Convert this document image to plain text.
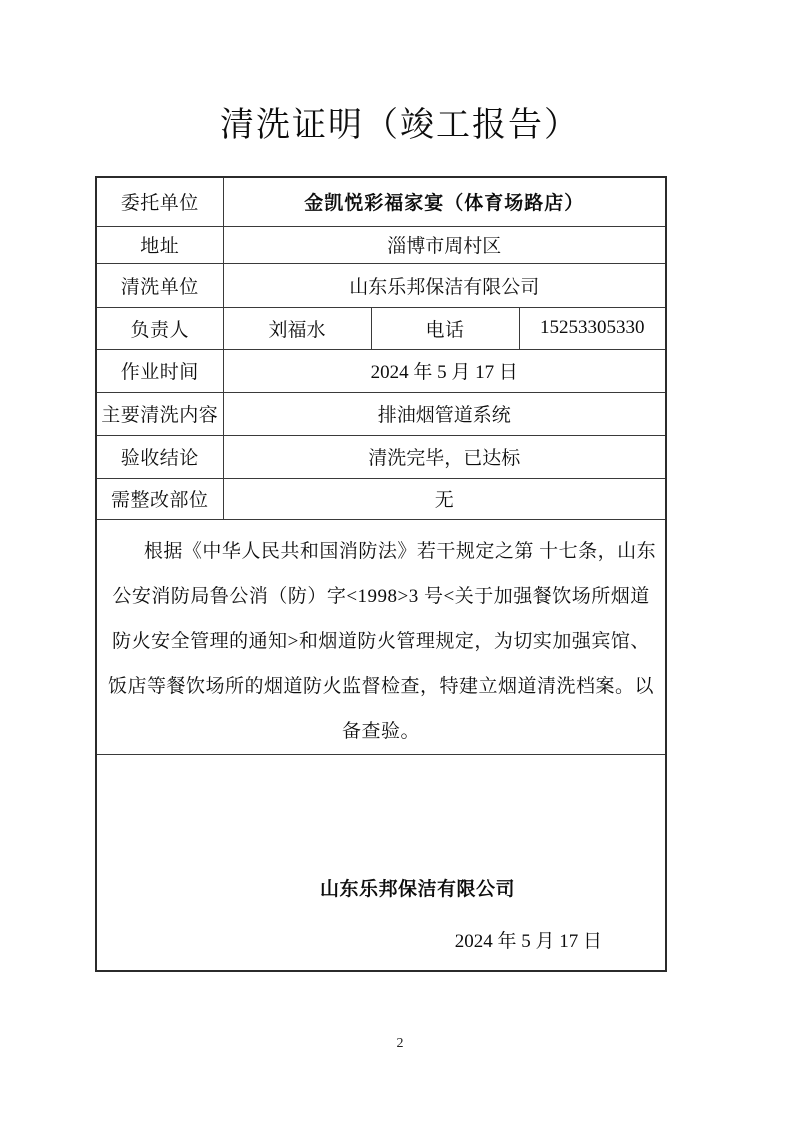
清洗证明（竣工报告）
委托单位	金凯悦彩福家宴（体育场路店）		
地址	淄博市周村区		
清洗单位	山东乐邦保洁有限公司		
负责人	刘福水	电话	15253305330
作业时间	2024 年 5 月 17 日		
主要清洗内容	排油烟管道系统		
验收结论	清洗完毕，已达标		
需整改部位	无		
根据《中华人民共和国消防法》若干规定之第 十七条，山东公安消防局鲁公消（防）字<1998>3 号<关于加强餐饮场所烟道防火安全管理的通知>和烟道防火管理规定，为切实加强宾馆、饭店等餐饮场所的烟道防火监督检查，特建立烟道清洗档案。以备查验。			

山东乐邦保洁有限公司
2024 年 5 月 17 日			
2
